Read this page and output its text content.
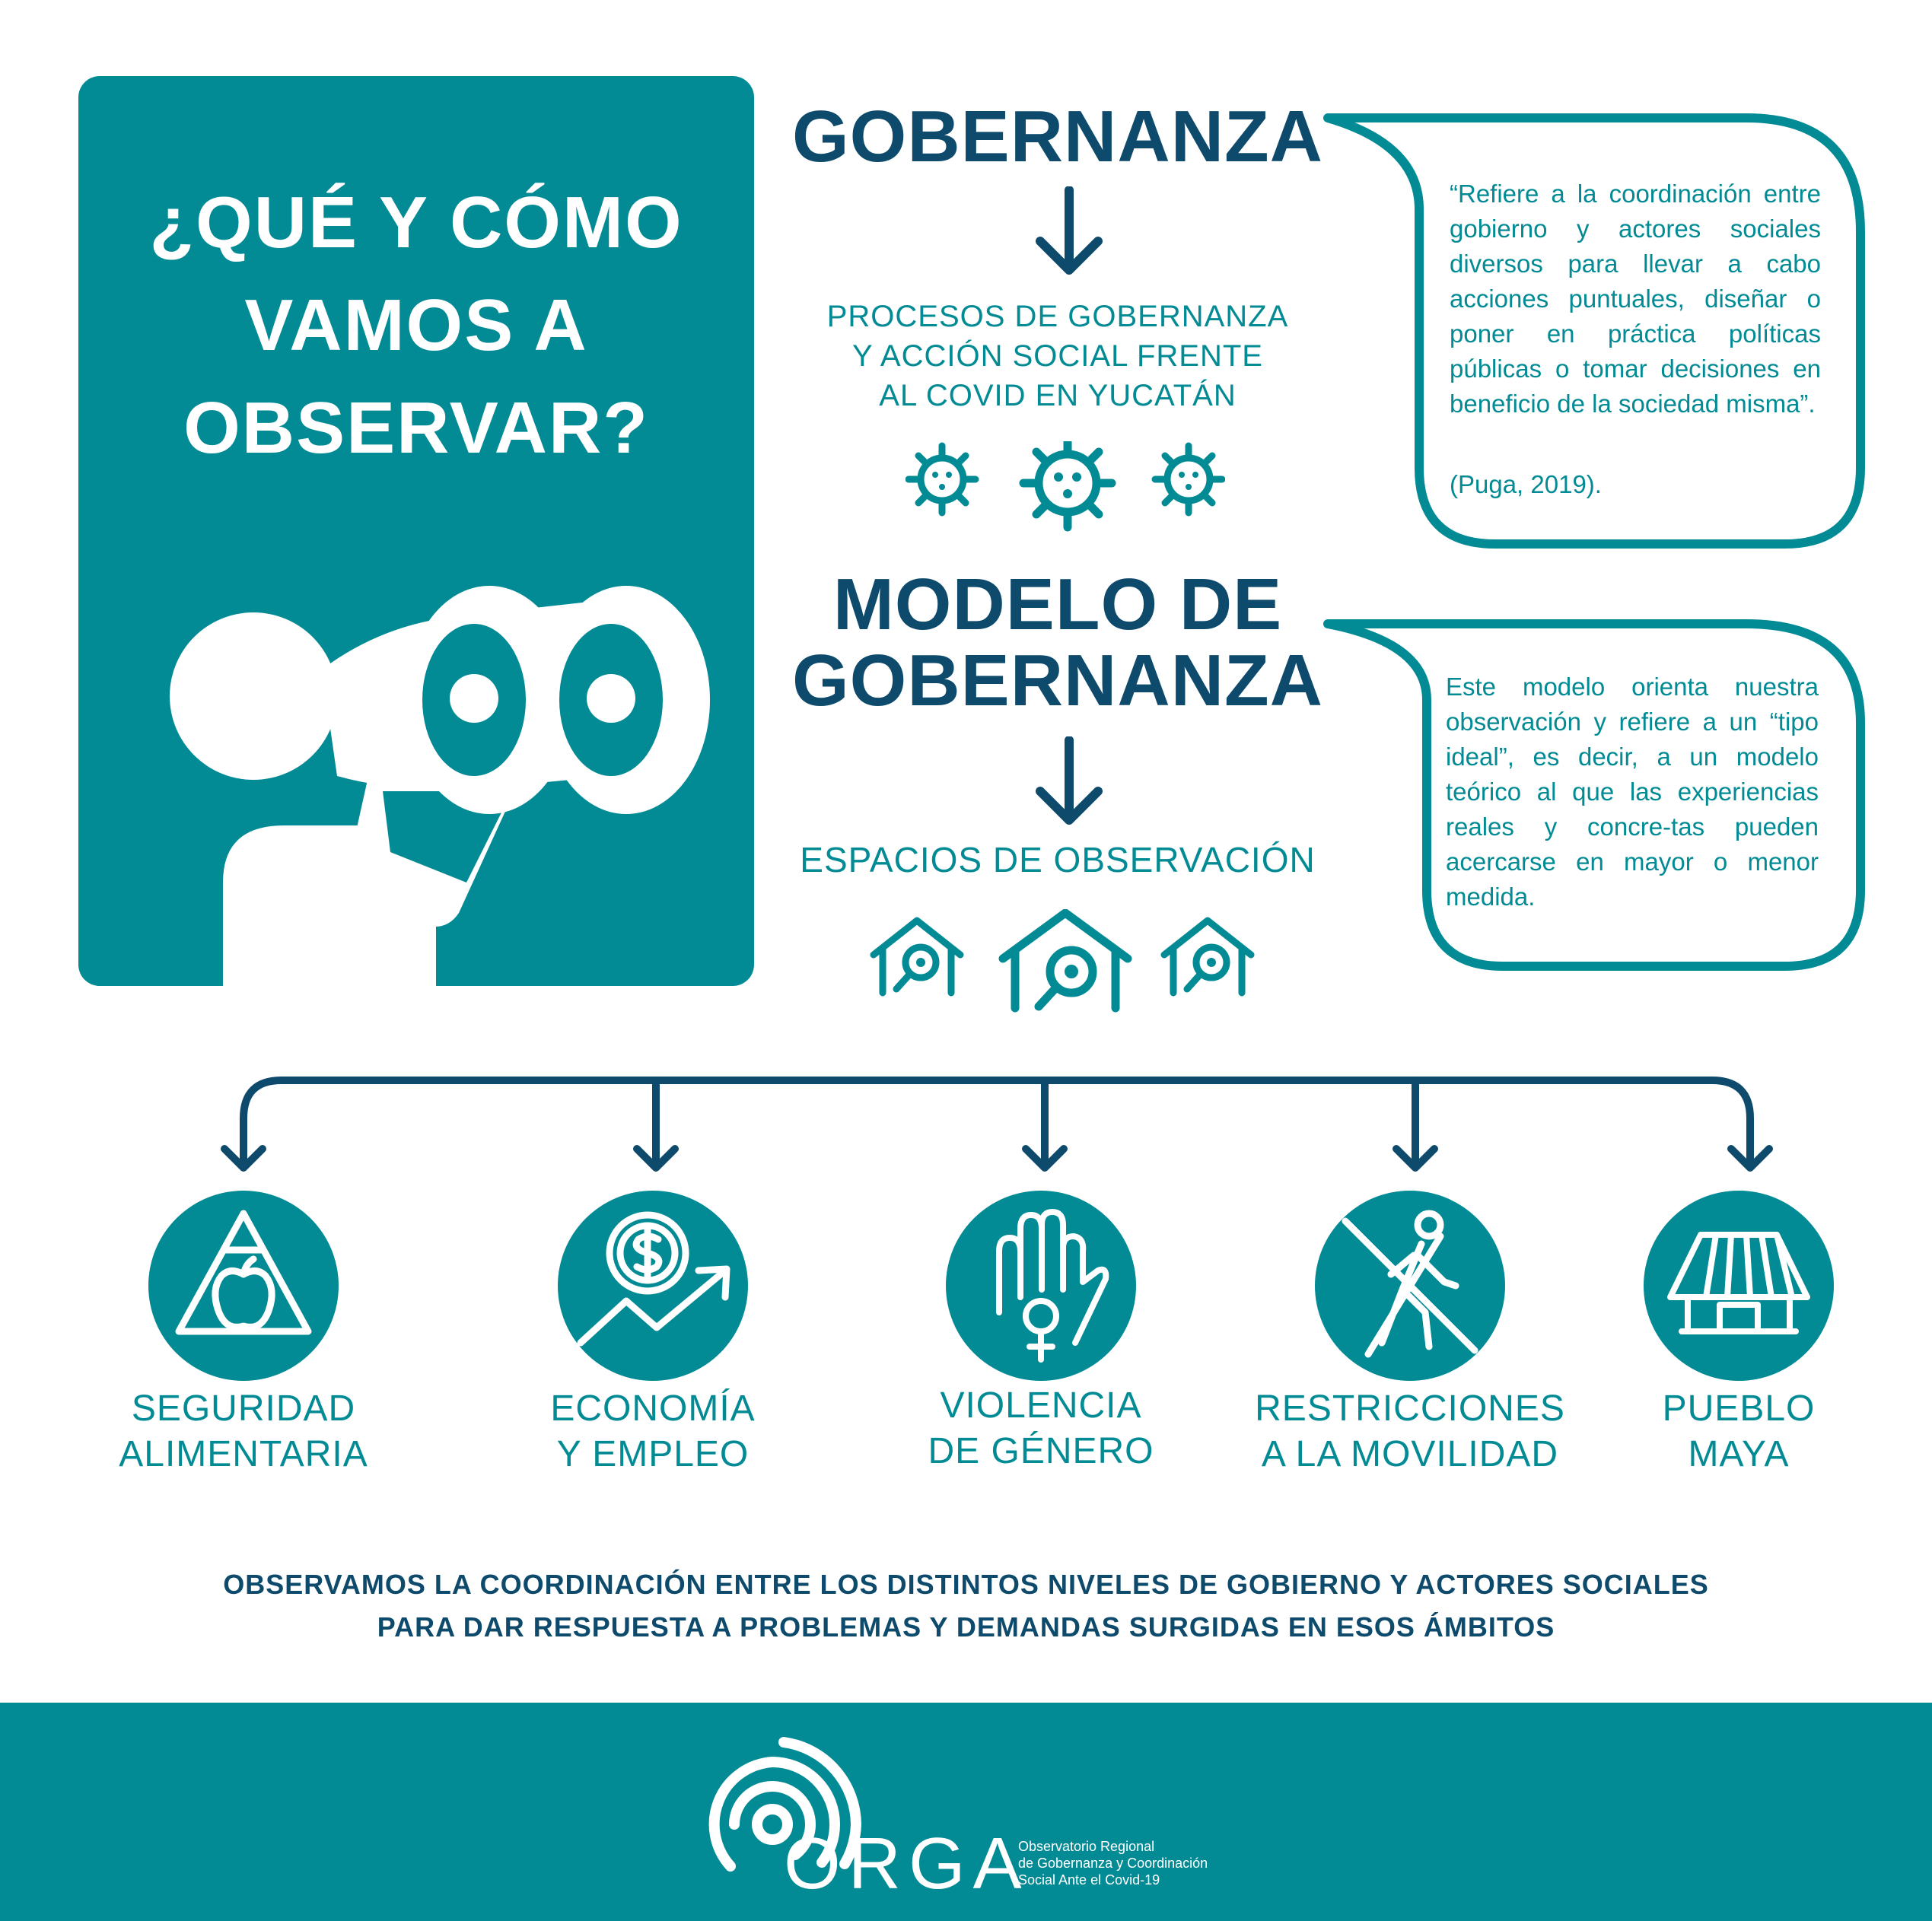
¿QUÉ Y CÓMO
VAMOS A
OBSERVAR?
GOBERNANZA
PROCESOS DE GOBERNANZA
Y ACCIÓN SOCIAL FRENTE
AL COVID EN YUCATÁN
MODELO DE
GOBERNANZA
ESPACIOS DE OBSERVACIÓN
“Refiere a la coordinación entre gobierno y actores sociales diversos para llevar a cabo acciones puntuales, diseñar o poner en práctica políticas públicas o tomar decisiones en beneficio de la sociedad misma”.
(Puga, 2019).
Este modelo orienta nuestra observación y refiere a un “tipo ideal”, es decir, a un modelo teórico al que las experiencias reales y concre-tas pueden acercarse en mayor o menor medida.
SEGURIDAD
ALIMENTARIA
ECONOMÍA
Y EMPLEO
VIOLENCIA
DE GÉNERO
RESTRICCIONES
A LA MOVILIDAD
PUEBLO
MAYA
OBSERVAMOS LA COORDINACIÓN ENTRE LOS DISTINTOS NIVELES DE GOBIERNO Y ACTORES SOCIALES
PARA DAR RESPUESTA A PROBLEMAS Y DEMANDAS SURGIDAS EN ESOS ÁMBITOS
ORGA
Observatorio Regional
de Gobernanza y Coordinación
Social Ante el Covid-19
